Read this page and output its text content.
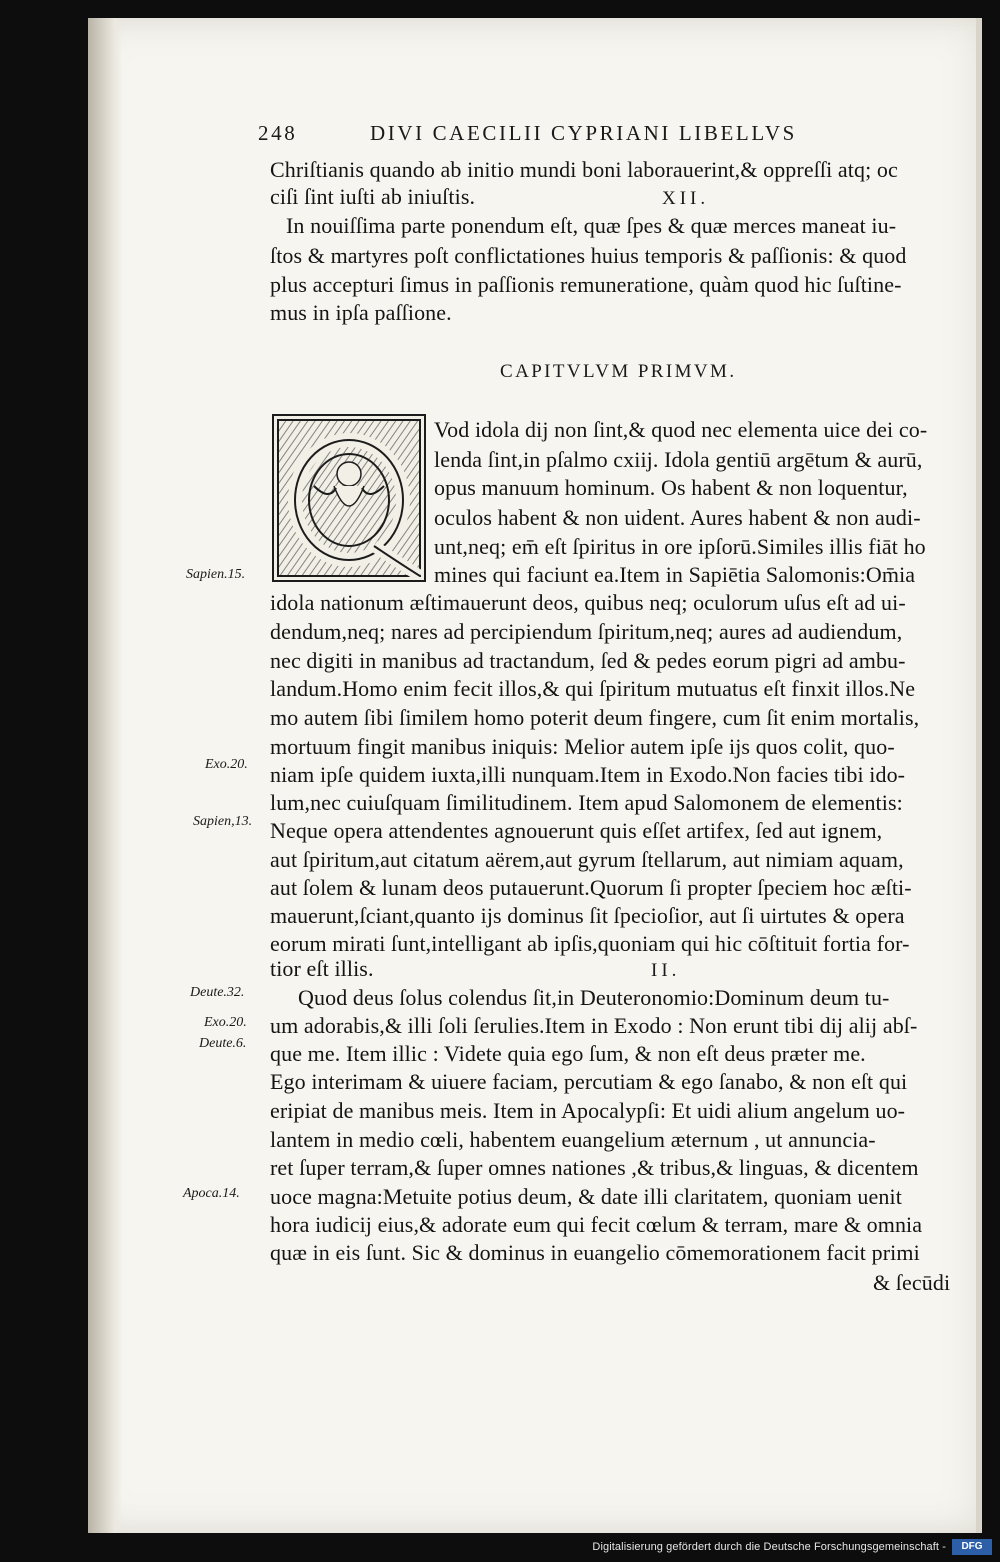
248	DIVI CAECILII CYPRIANI LIBELLVS
Chriſtianis quando ab initio mundi boni laborauerint,& oppreſſi atq; oc
ciſi ſint iuſti ab iniuſtis.	XII.
In nouiſſima parte ponendum eſt, quæ ſpes & quæ merces maneat iu-
ſtos & martyres poſt conflictationes huius temporis & paſſionis: & quod
plus accepturi ſimus in paſſionis remuneratione, quàm quod hic ſuſtine-
mus in ipſa paſſione.
CAPITVLVM PRIMVM.
Vod idola dij non ſint,& quod nec elementa uice dei co-
lenda ſint,in pſalmo cxiij. Idola gentiū argētum & aurū,
opus manuum hominum. Os habent & non loquentur,
oculos habent & non uident. Aures habent & non audi-
unt,neq; em̄ eſt ſpiritus in ore ipſorū.Similes illis fiāt ho
mines qui faciunt ea.Item in Sapiētia Salomonis:Om̄ia
idola nationum æſtimauerunt deos, quibus neq; oculorum uſus eſt ad ui-
dendum,neq; nares ad percipiendum ſpiritum,neq; aures ad audiendum,
nec digiti in manibus ad tractandum, ſed & pedes eorum pigri ad ambu-
landum.Homo enim fecit illos,& qui ſpiritum mutuatus eſt finxit illos.Ne
mo autem ſibi ſimilem homo poterit deum fingere, cum ſit enim mortalis,
mortuum fingit manibus iniquis: Melior autem ipſe ijs quos colit, quo-
niam ipſe quidem iuxta,illi nunquam.Item in Exodo.Non facies tibi ido-
lum,nec cuiuſquam ſimilitudinem. Item apud Salomonem de elementis:
Neque opera attendentes agnouerunt quis eſſet artifex, ſed aut ignem,
aut ſpiritum,aut citatum aërem,aut gyrum ſtellarum, aut nimiam aquam,
aut ſolem & lunam deos putauerunt.Quorum ſi propter ſpeciem hoc æſti-
mauerunt,ſciant,quanto ijs dominus ſit ſpecioſior, aut ſi uirtutes & opera
eorum mirati ſunt,intelligant ab ipſis,quoniam qui hic cōſtituit fortia for-
tior eſt illis.	II.
Quod deus ſolus colendus ſit,in Deuteronomio:Dominum deum tu-
um adorabis,& illi ſoli ſerulies.Item in Exodo : Non erunt tibi dij alij abſ-
que me. Item illic : Videte quia ego ſum, & non eſt deus præter me.
Ego interimam & uiuere faciam, percutiam & ego ſanabo, & non eſt qui
eripiat de manibus meis. Item in Apocalypſi: Et uidi alium angelum uo-
lantem in medio cœli, habentem euangelium æternum , ut annuncia-
ret ſuper terram,& ſuper omnes nationes ,& tribus,& linguas, & dicentem
uoce magna:Metuite potius deum, & date illi claritatem, quoniam uenit
hora iudicij eius,& adorate eum qui fecit cœlum & terram, mare & omnia
quæ in eis ſunt. Sic & dominus in euangelio cōmemorationem facit primi
& ſecūdi
Sapien.15.
Exo.20.
Sapien,13.
Deute.32.
Exo.20.
Deute.6.
Apoca.14.
Digitalisierung gefördert durch die Deutsche Forschungsgemeinschaft -	DFG
